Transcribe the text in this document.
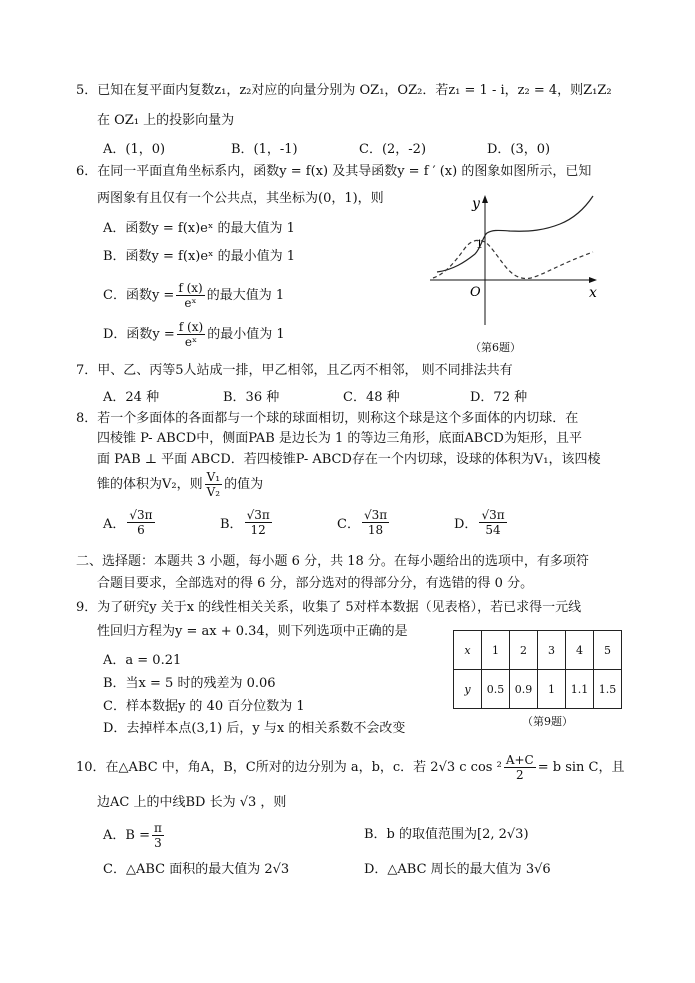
5．已知在复平面内复数z₁，z₂对应的向量分别为 OZ₁，OZ₂．若z₁ = 1 - i，z₂ = 4，则Z₁Z₂
在 OZ₁ 上的投影向量为
A．(1，0)	B．(1，-1)	C．(2，-2)	D．(3，0)
6．在同一平面直角坐标系内，函数y = f(x) 及其导函数y = f ′ (x) 的图象如图所示，已知
两图象有且仅有一个公共点，其坐标为(0，1)，则
A．函数y = f(x)eˣ 的最大值为 1
B．函数y = f(x)eˣ 的最小值为 1
C．函数$y = \frac{f (x)}{\text{eˣ}}$ 的最大值为 1
D．函数$y = \frac{f (x)}{\text{eˣ}}$ 的最小值为 1
y
x
O
1
（第6题）
7．甲、乙、丙等5人站成一排，甲乙相邻，且乙丙不相邻， 则不同排法共有
A．24 种	B．36 种	C．48 种	D．72 种
8．若一个多面体的各面都与一个球的球面相切，则称这个球是这个多面体的内切球．在
四棱锥 P- ABCD中，侧面PAB 是边长为 1 的等边三角形，底面ABCD为矩形，且平
面 PAB ⊥ 平面 ABCD．若四棱锥P- ABCD存在一个内切球，设球的体积为V₁，该四棱
锥的体积为V₂，则 $\frac{\text{V₁}}{\text{V₂}}$ 的值为
A． $\frac{√3\pi}{6}$	B． $\frac{√3\pi}{12}$	C． $\frac{√3\pi}{18}$	D． $\frac{√3\pi}{54}$
二、选择题：本题共 3 小题，每小题 6 分，共 18 分。在每小题给出的选项中，有多项符
合题目要求，全部选对的得 6 分，部分选对的得部分分，有选错的得 0 分。
9．为了研究y 关于x 的线性相关关系，收集了 5对样本数据（见表格），若已求得一元线
性回归方程为y = ax + 0.34，则下列选项中正确的是
A．a = 0.21
B．当x = 5 时的残差为 0.06
C．样本数据y 的 40 百分位数为 1
D．去掉样本点(3,1) 后，y 与x 的相关系数不会改变
x	1	2	3	4	5
y	0.5	0.9	1	1.1	1.5
（第9题）
10．在△ABC 中，角A，B，C所对的边分别为 a，b，c．若 2√3 c $\cos ^2 \frac{A+C}{2} = b$ sin C，且
边AC 上的中线BD 长为 √3 ，则
A．$B = \frac{\pi}{3}$	B．b 的取值范围为[2, 2√3)
C．△ABC 面积的最大值为 2√3	D．△ABC 周长的最大值为 3√6
